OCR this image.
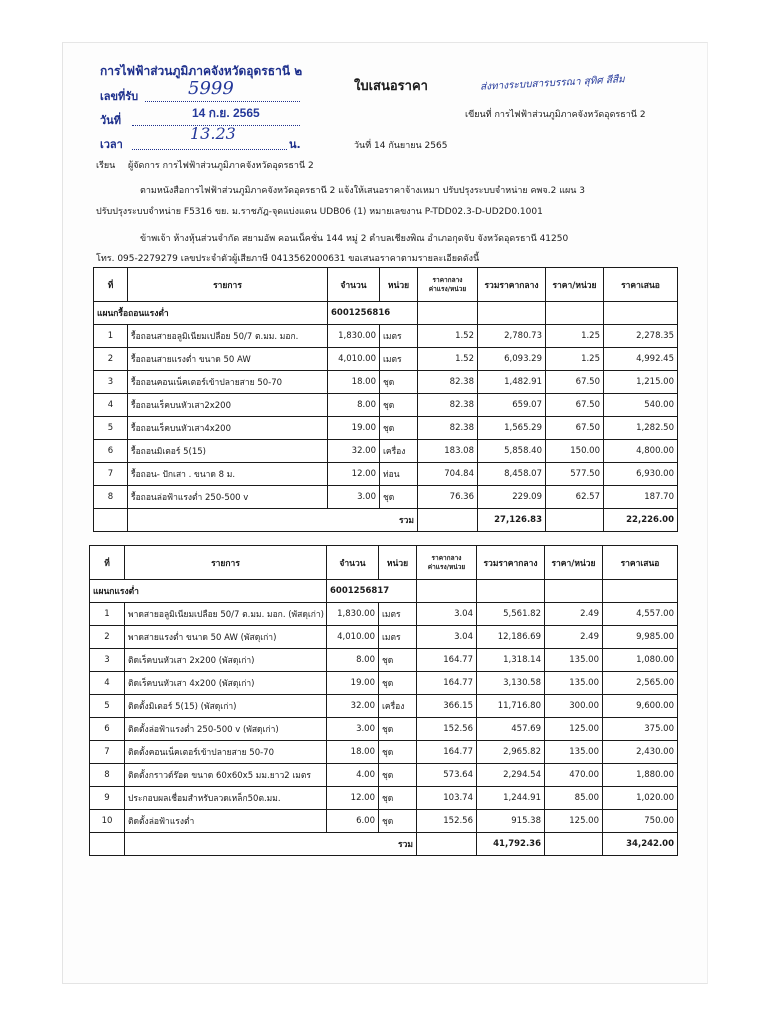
การไฟฟ้าส่วนภูมิภาคจังหวัดอุดรธานี ๒
เลขที่รับ	5999
วันที่
14 ก.ย. 2565
เวลา
13.23
น.
ใบเสนอราคา	ส่งทางระบบสารบรรณา สุทิศ สีสืม
เขียนที่ การไฟฟ้าส่วนภูมิภาคจังหวัดอุดรธานี 2
วันที่ 14 กันยายน 2565
เรียน ผู้จัดการ การไฟฟ้าส่วนภูมิภาคจังหวัดอุดรธานี 2
ตามหนังสือการไฟฟ้าส่วนภูมิภาคจังหวัดอุดรธานี 2 แจ้งให้เสนอราคาจ้างเหมา ปรับปรุงระบบจำหน่าย คพจ.2 แผน 3
ปรับปรุงระบบจำหน่าย F5316 ขย. ม.ราชภัฎ-จุดแบ่งแดน UDB06 (1) หมายเลขงาน P-TDD02.3-D-UD2D0.1001
ข้าพเจ้า ห้างหุ้นส่วนจำกัด สยามอัพ คอนเน็คชั่น 144 หมู่ 2 ตำบลเชียงพิณ อำเภอกุดจับ จังหวัดอุดรธานี 41250
โทร. 095-2279279 เลขประจำตัวผู้เสียภาษี 0413562000631 ขอเสนอราคาตามรายละเอียดดังนี้
ที่	รายการ	จำนวน	หน่วย	ราคากลาง ค่าแรง/หน่วย	รวมราคากลาง	ราคา/หน่วย	ราคาเสนอ
แผนกรื้อถอนแรงต่ำ		6001256816					
1	รื้อถอนสายอลูมิเนียมเปลือย 50/7 ต.มม. มอก.	1,830.00	เมตร	1.52	2,780.73	1.25	2,278.35
2	รื้อถอนสายแรงต่ำ ขนาด 50 AW	4,010.00	เมตร	1.52	6,093.29	1.25	4,992.45
3	รื้อถอนคอนเน็คเตอร์เข้าปลายสาย 50-70	18.00	ชุด	82.38	1,482.91	67.50	1,215.00
4	รื้อถอนเร็คบนหัวเสา2x200	8.00	ชุด	82.38	659.07	67.50	540.00
5	รื้อถอนเร็คบนหัวเสา4x200	19.00	ชุด	82.38	1,565.29	67.50	1,282.50
6	รื้อถอนมิเตอร์ 5(15)	32.00	เครื่อง	183.08	5,858.40	150.00	4,800.00
7	รื้อถอน- ปักเสา . ขนาด 8 ม.	12.00	ท่อน	704.84	8,458.07	577.50	6,930.00
8	รื้อถอนล่อฟ้าแรงต่ำ 250-500 v	3.00	ชุด	76.36	229.09	62.57	187.70
	รวม				27,126.83		22,226.00
ที่	รายการ	จำนวน	หน่วย	ราคากลาง ค่าแรง/หน่วย	รวมราคากลาง	ราคา/หน่วย	ราคาเสนอ
แผนกแรงต่ำ		6001256817					
1	พาดสายอลูมิเนียมเปลือย 50/7 ต.มม. มอก. (พัสดุเก่า)	1,830.00	เมตร	3.04	5,561.82	2.49	4,557.00
2	พาดสายแรงต่ำ ขนาด 50 AW (พัสดุเก่า)	4,010.00	เมตร	3.04	12,186.69	2.49	9,985.00
3	ติดเร็คบนหัวเสา 2x200 (พัสดุเก่า)	8.00	ชุด	164.77	1,318.14	135.00	1,080.00
4	ติดเร็คบนหัวเสา 4x200 (พัสดุเก่า)	19.00	ชุด	164.77	3,130.58	135.00	2,565.00
5	ติดตั้งมิเตอร์ 5(15) (พัสดุเก่า)	32.00	เครื่อง	366.15	11,716.80	300.00	9,600.00
6	ติดตั้งล่อฟ้าแรงต่ำ 250-500 v (พัสดุเก่า)	3.00	ชุด	152.56	457.69	125.00	375.00
7	ติดตั้งคอนเน็คเตอร์เข้าปลายสาย 50-70	18.00	ชุด	164.77	2,965.82	135.00	2,430.00
8	ติดตั้งกราวด์ร๊อด ขนาด 60x60x5 มม.ยาว2 เมตร	4.00	ชุด	573.64	2,294.54	470.00	1,880.00
9	ประกอบผลเชื่อมสำหรับลวดเหล็ก50ต.มม.	12.00	ชุด	103.74	1,244.91	85.00	1,020.00
10	ติดตั้งล่อฟ้าแรงต่ำ	6.00	ชุด	152.56	915.38	125.00	750.00
	รวม				41,792.36		34,242.00
